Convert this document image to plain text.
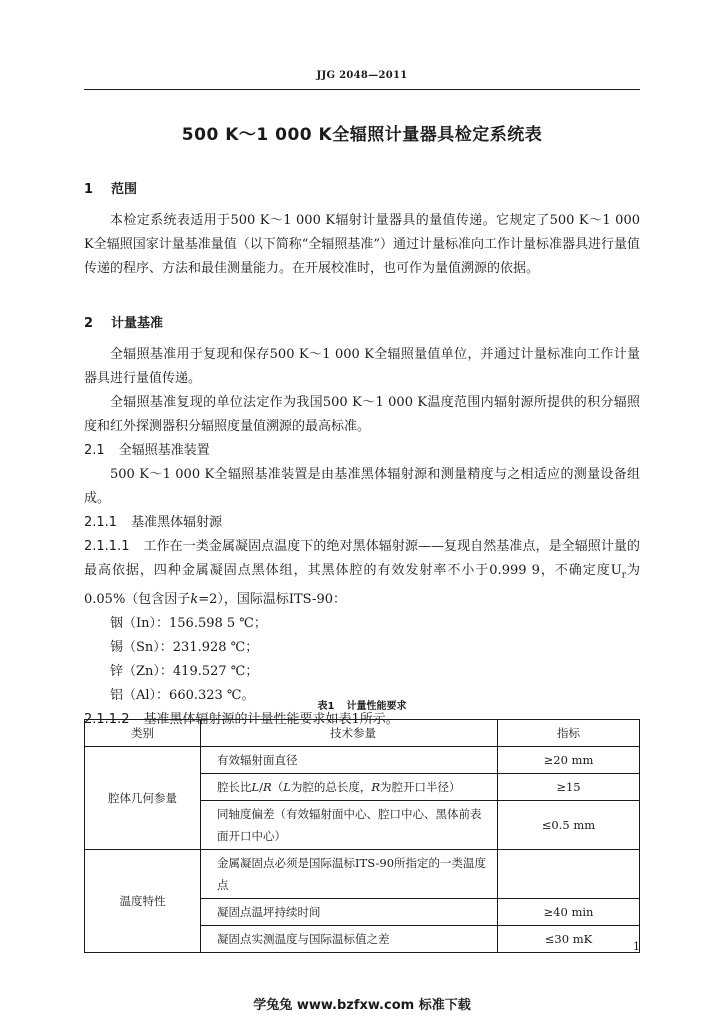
JJG 2048—2011
500 K～1 000 K全辐照计量器具检定系统表
1 范围
本检定系统表适用于500 K～1 000 K辐射计量器具的量值传递。它规定了500 K～1 000 K全辐照国家计量基准量值（以下简称“全辐照基准”）通过计量标准向工作计量标准器具进行量值传递的程序、方法和最佳测量能力。在开展校准时，也可作为量值溯源的依据。
2 计量基准
全辐照基准用于复现和保存500 K～1 000 K全辐照量值单位，并通过计量标准向工作计量器具进行量值传递。
全辐照基准复现的单位法定作为我国500 K～1 000 K温度范围内辐射源所提供的积分辐照度和红外探测器积分辐照度量值溯源的最高标准。
2.1 全辐照基准装置
500 K～1 000 K全辐照基准装置是由基准黑体辐射源和测量精度与之相适应的测量设备组成。
2.1.1 基准黑体辐射源
2.1.1.1 工作在一类金属凝固点温度下的绝对黑体辐射源——复现自然基准点，是全辐照计量的最高依据，四种金属凝固点黑体组，其黑体腔的有效发射率不小于0.999 9，不确定度$U_r$为0.05%（包含因子k=2），国际温标ITS-90：
铟（In）：156.598 5 ℃；
锡（Sn）：231.928 ℃；
锌（Zn）：419.527 ℃；
铝（Al）：660.323 ℃。
2.1.1.2 基准黑体辐射源的计量性能要求如表1所示。
表1 计量性能要求
类别	技术参量	指标
腔体几何参量	有效辐射面直径	≥20 mm
	腔长比L/R（L为腔的总长度，R为腔开口半径）	≥15
	同轴度偏差（有效辐射面中心、腔口中心、黑体前表面开口中心）	≤0.5 mm
温度特性	金属凝固点必须是国际温标ITS-90所指定的一类温度点	
	凝固点温坪持续时间	≥40 min
	凝固点实测温度与国际温标值之差	≤30 mK
1
学兔兔 www.bzfxw.com 标准下载
